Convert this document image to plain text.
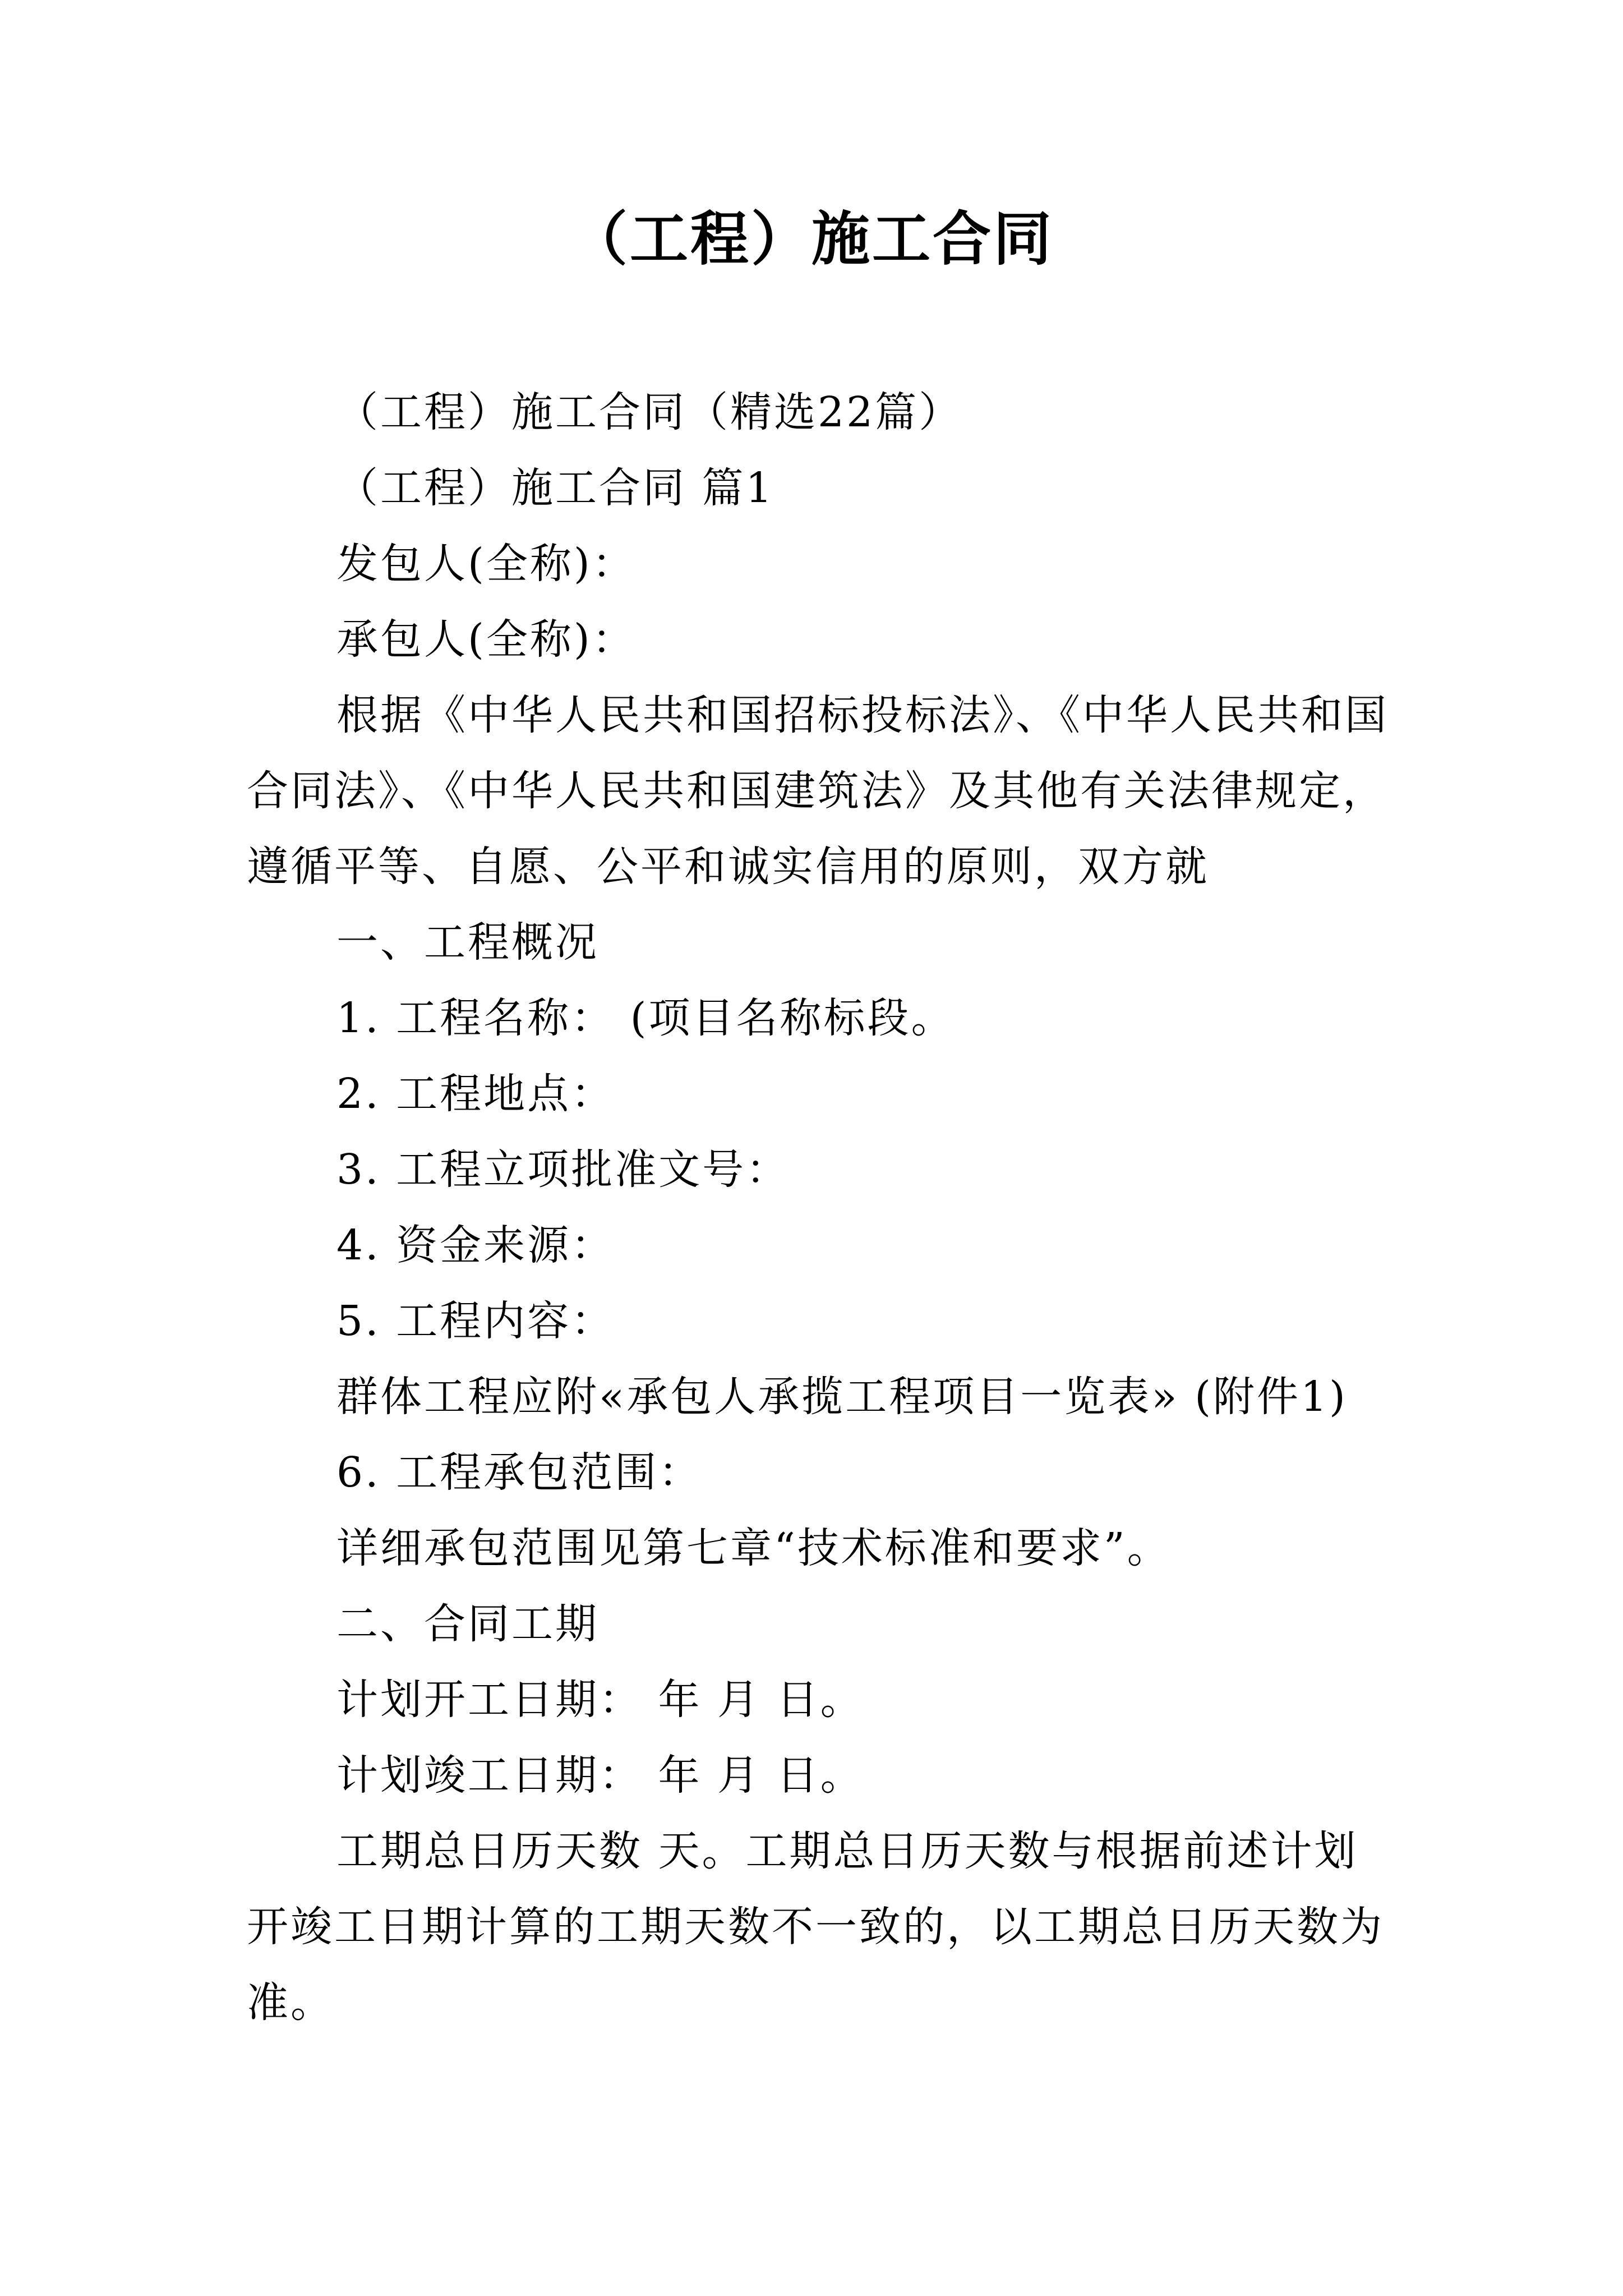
（工程）施工合同
（工程）施工合同（精选22篇）
（工程）施工合同 篇1
发包人(全称)：
承包人(全称)：
根据《中华人民共和国招标投标法》、《中华人民共和国
合同法》、《中华人民共和国建筑法》及其他有关法律规定，
遵循平等、自愿、公平和诚实信用的原则，双方就
一、工程概况
1. 工程名称： (项目名称标段。
2. 工程地点：
3. 工程立项批准文号：
4. 资金来源：
5. 工程内容：
群体工程应附«承包人承揽工程项目一览表» (附件1)
6. 工程承包范围：
详细承包范围见第七章“技术标准和要求”。
二、合同工期
计划开工日期： 年 月 日。
计划竣工日期： 年 月 日。
工期总日历天数 天。工期总日历天数与根据前述计划
开竣工日期计算的工期天数不一致的，以工期总日历天数为
准。
